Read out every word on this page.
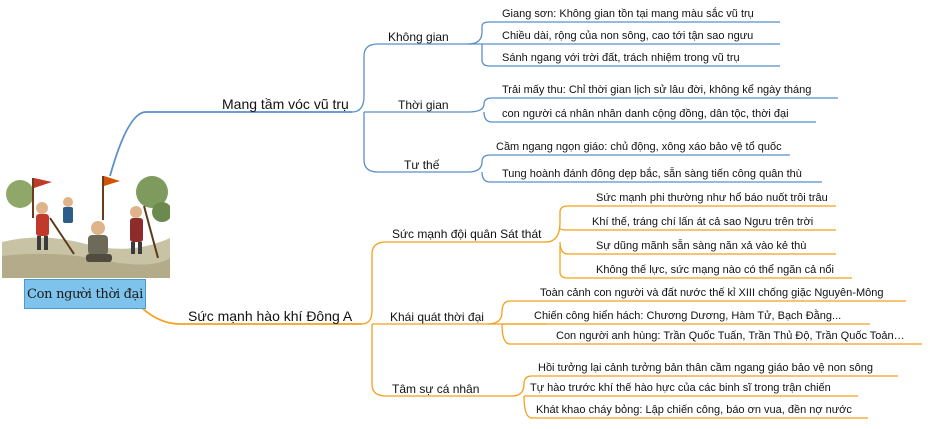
Con người thời đại
Mang tầm vóc vũ trụ
Không gian
Giang sơn: Không gian tồn tại mang màu sắc vũ trụ
Chiều dài, rộng của non sông, cao tới tận sao ngưu
Sánh ngang với trời đất, trách nhiệm trong vũ trụ
Thời gian
Trải mấy thu: Chỉ thời gian lịch sử lâu đời, không kể ngày tháng
con người cá nhân nhân danh cộng đồng, dân tộc, thời đại
Tư thế
Cầm ngang ngọn giáo: chủ động, xông xáo bảo vệ tổ quốc
Tung hoành đánh đông dẹp bắc, sẵn sàng tiến công quân thù
Sức mạnh hào khí Đông A
Sức mạnh đội quân Sát thát
Sức mạnh phi thường như hổ báo nuốt trôi trâu
Khí thế, tráng chí lấn át cả sao Ngưu trên trời
Sự dũng mãnh sẵn sàng năn xả vào kẻ thù
Không thế lực, sức mạng nào có thể ngăn cả nổi
Khái quát thời đại
Toàn cảnh con người và đất nước thế kỉ XIII chống giặc Nguyên-Mông
Chiến công hiển hách: Chương Dương, Hàm Tử, Bạch Đằng...
Con người anh hùng: Trần Quốc Tuấn, Trần Thủ Độ, Trần Quốc Toản…
Tâm sự cá nhân
Hồi tưởng lại cảnh tưởng bản thân cầm ngang giáo bảo vệ non sông
Tự hào trước khí thế hào hực của các binh sĩ trong trận chiến
Khát khao cháy bỏng: Lập chiến công, báo ơn vua, đền nợ nước
